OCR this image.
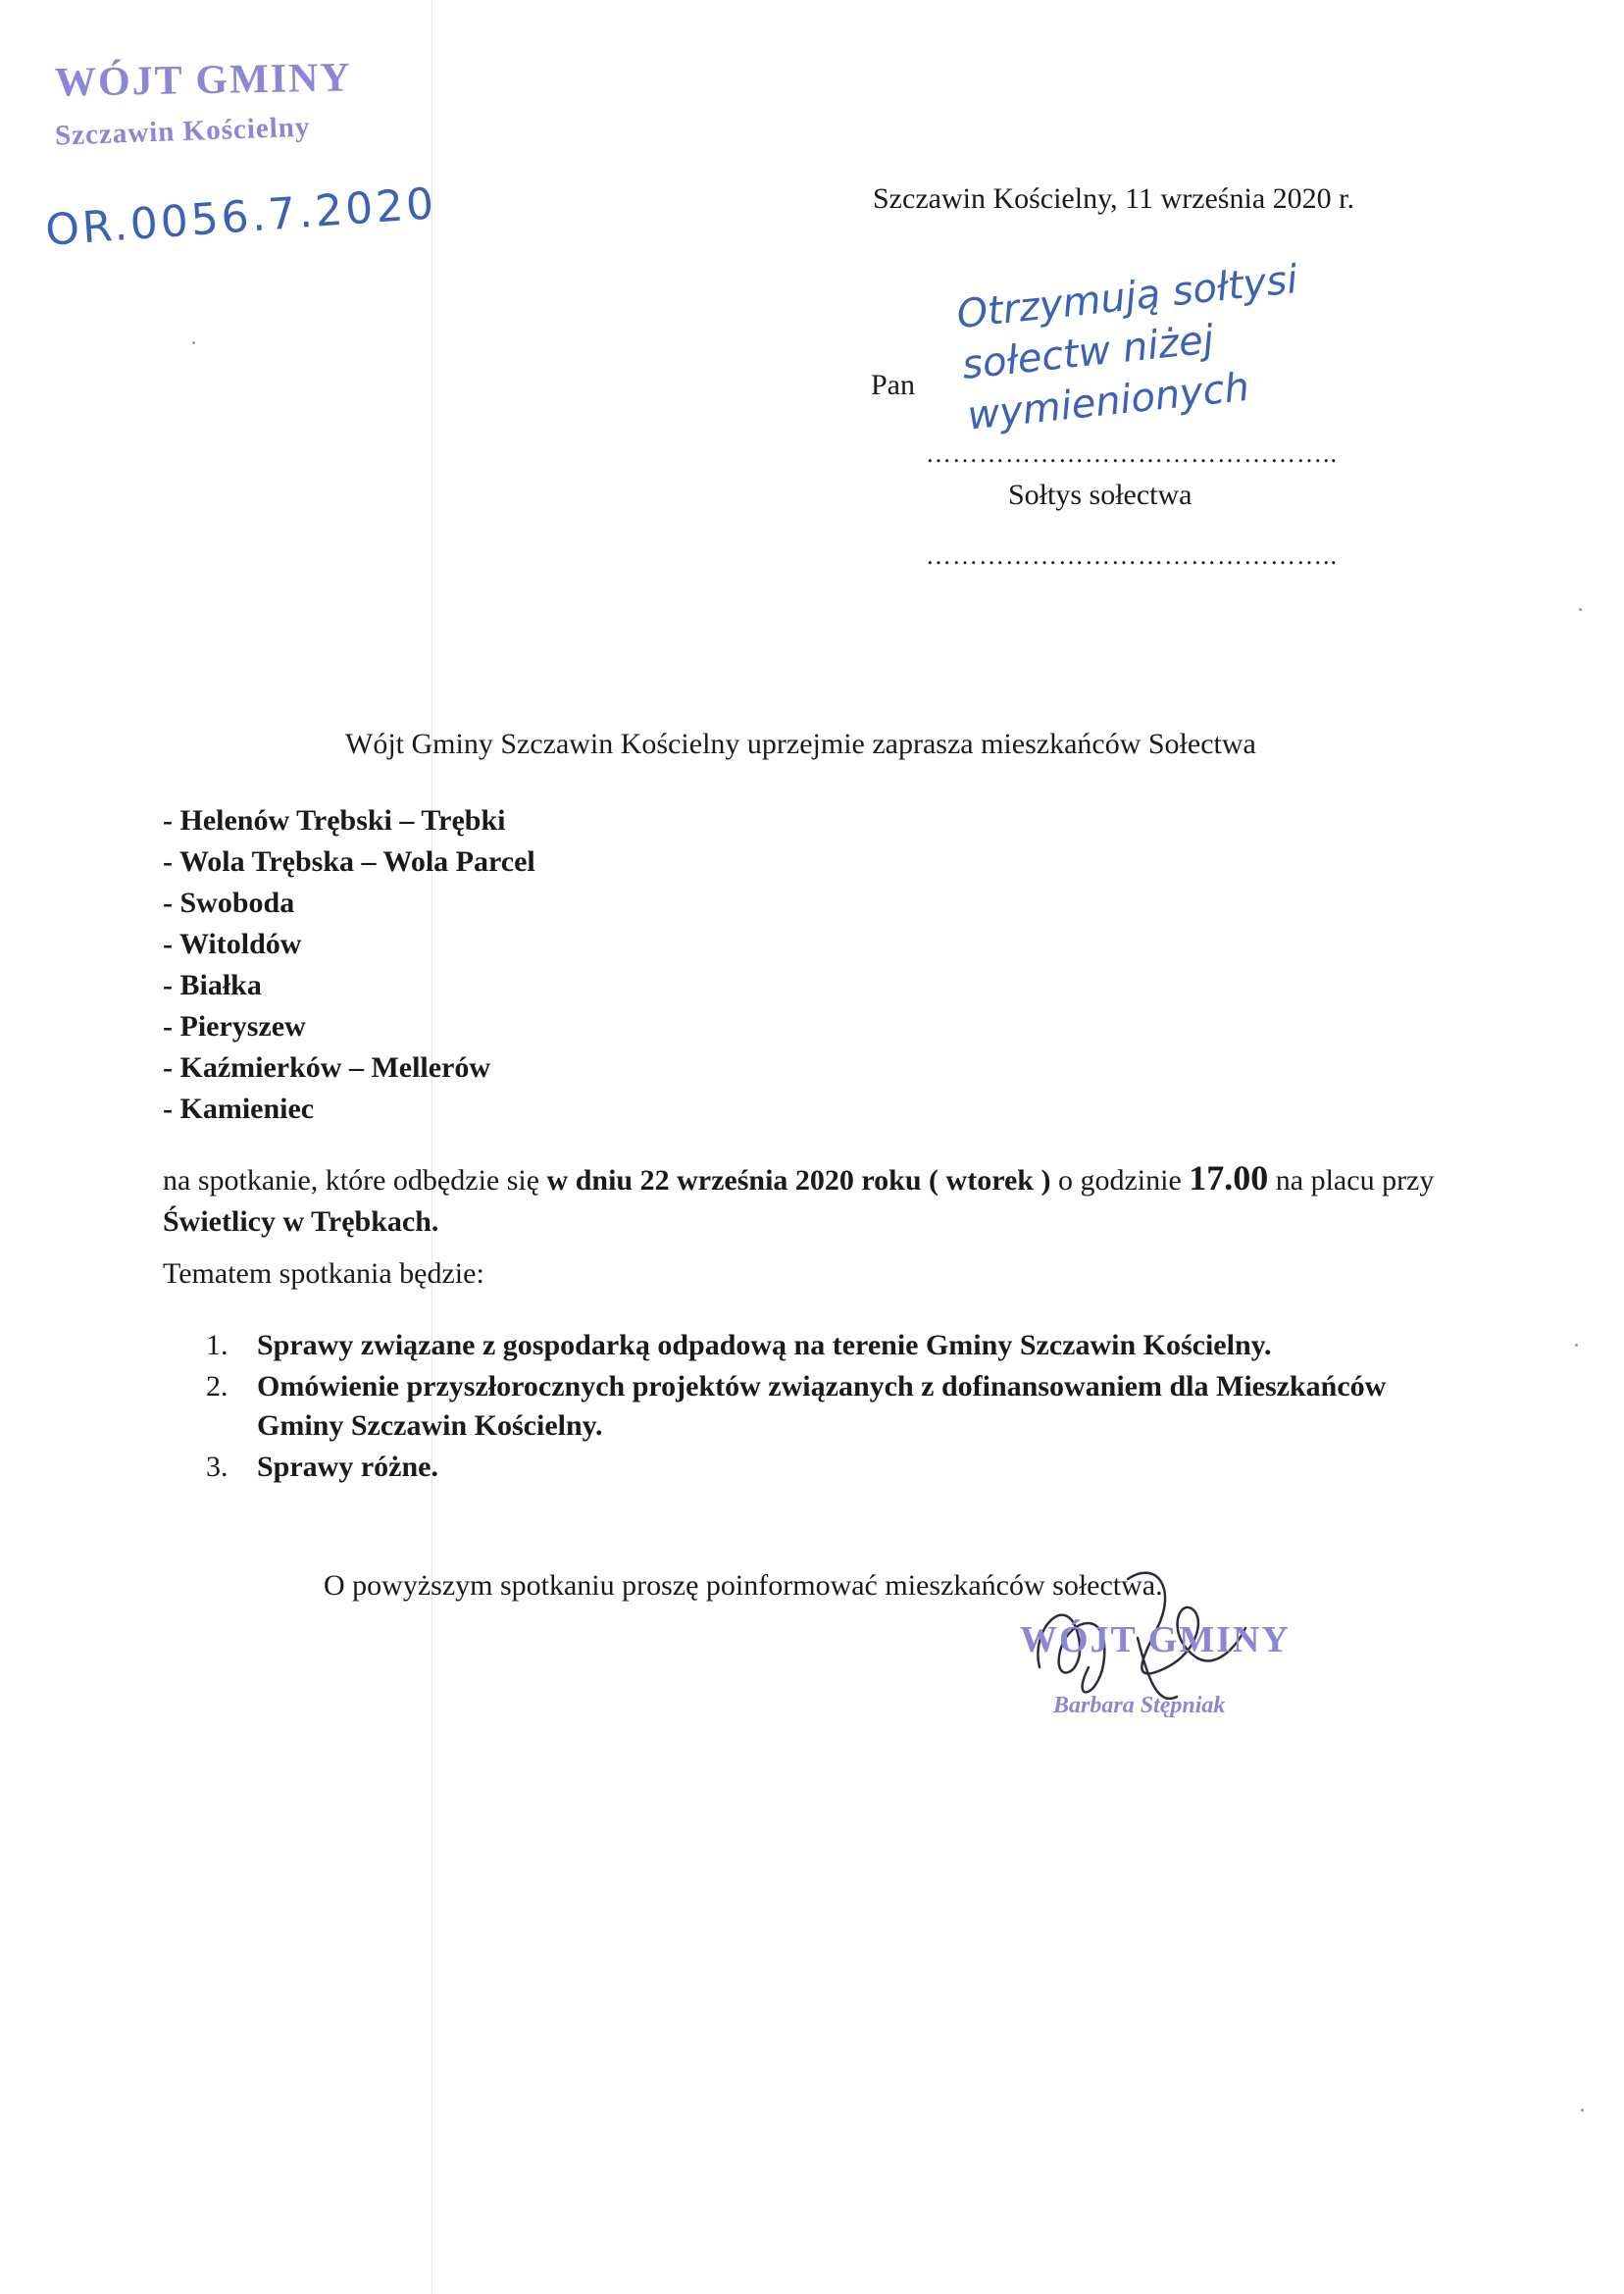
WÓJT GMINY
Szczawin Kościelny
OR.0056.7.2020	Szczawin Kościelny, 11 września 2020 r.
Otrzymują sołtysi sołectw niżej wymienionych
Pan
………………………………………..
Sołtys sołectwa
………………………………………..
Wójt Gminy Szczawin Kościelny uprzejmie zaprasza mieszkańców Sołectwa
- Helenów Trębski – Trębki
- Wola Trębska – Wola Parcel
- Swoboda
- Witoldów
- Białka
- Pieryszew
- Kaźmierków – Mellerów
- Kamieniec
na spotkanie, które odbędzie się w dniu 22 września 2020 roku ( wtorek ) o godzinie 17.00 na placu przy Świetlicy w Trębkach.
Tematem spotkania będzie:
1. Sprawy związane z gospodarką odpadową na terenie Gminy Szczawin Kościelny.
2. Omówienie przyszłorocznych projektów związanych z dofinansowaniem dla Mieszkańców Gminy Szczawin Kościelny.
3. Sprawy różne.
O powyższym spotkaniu proszę poinformować mieszkańców sołectwa.
WÓJT GMINY
Barbara Stępniak
